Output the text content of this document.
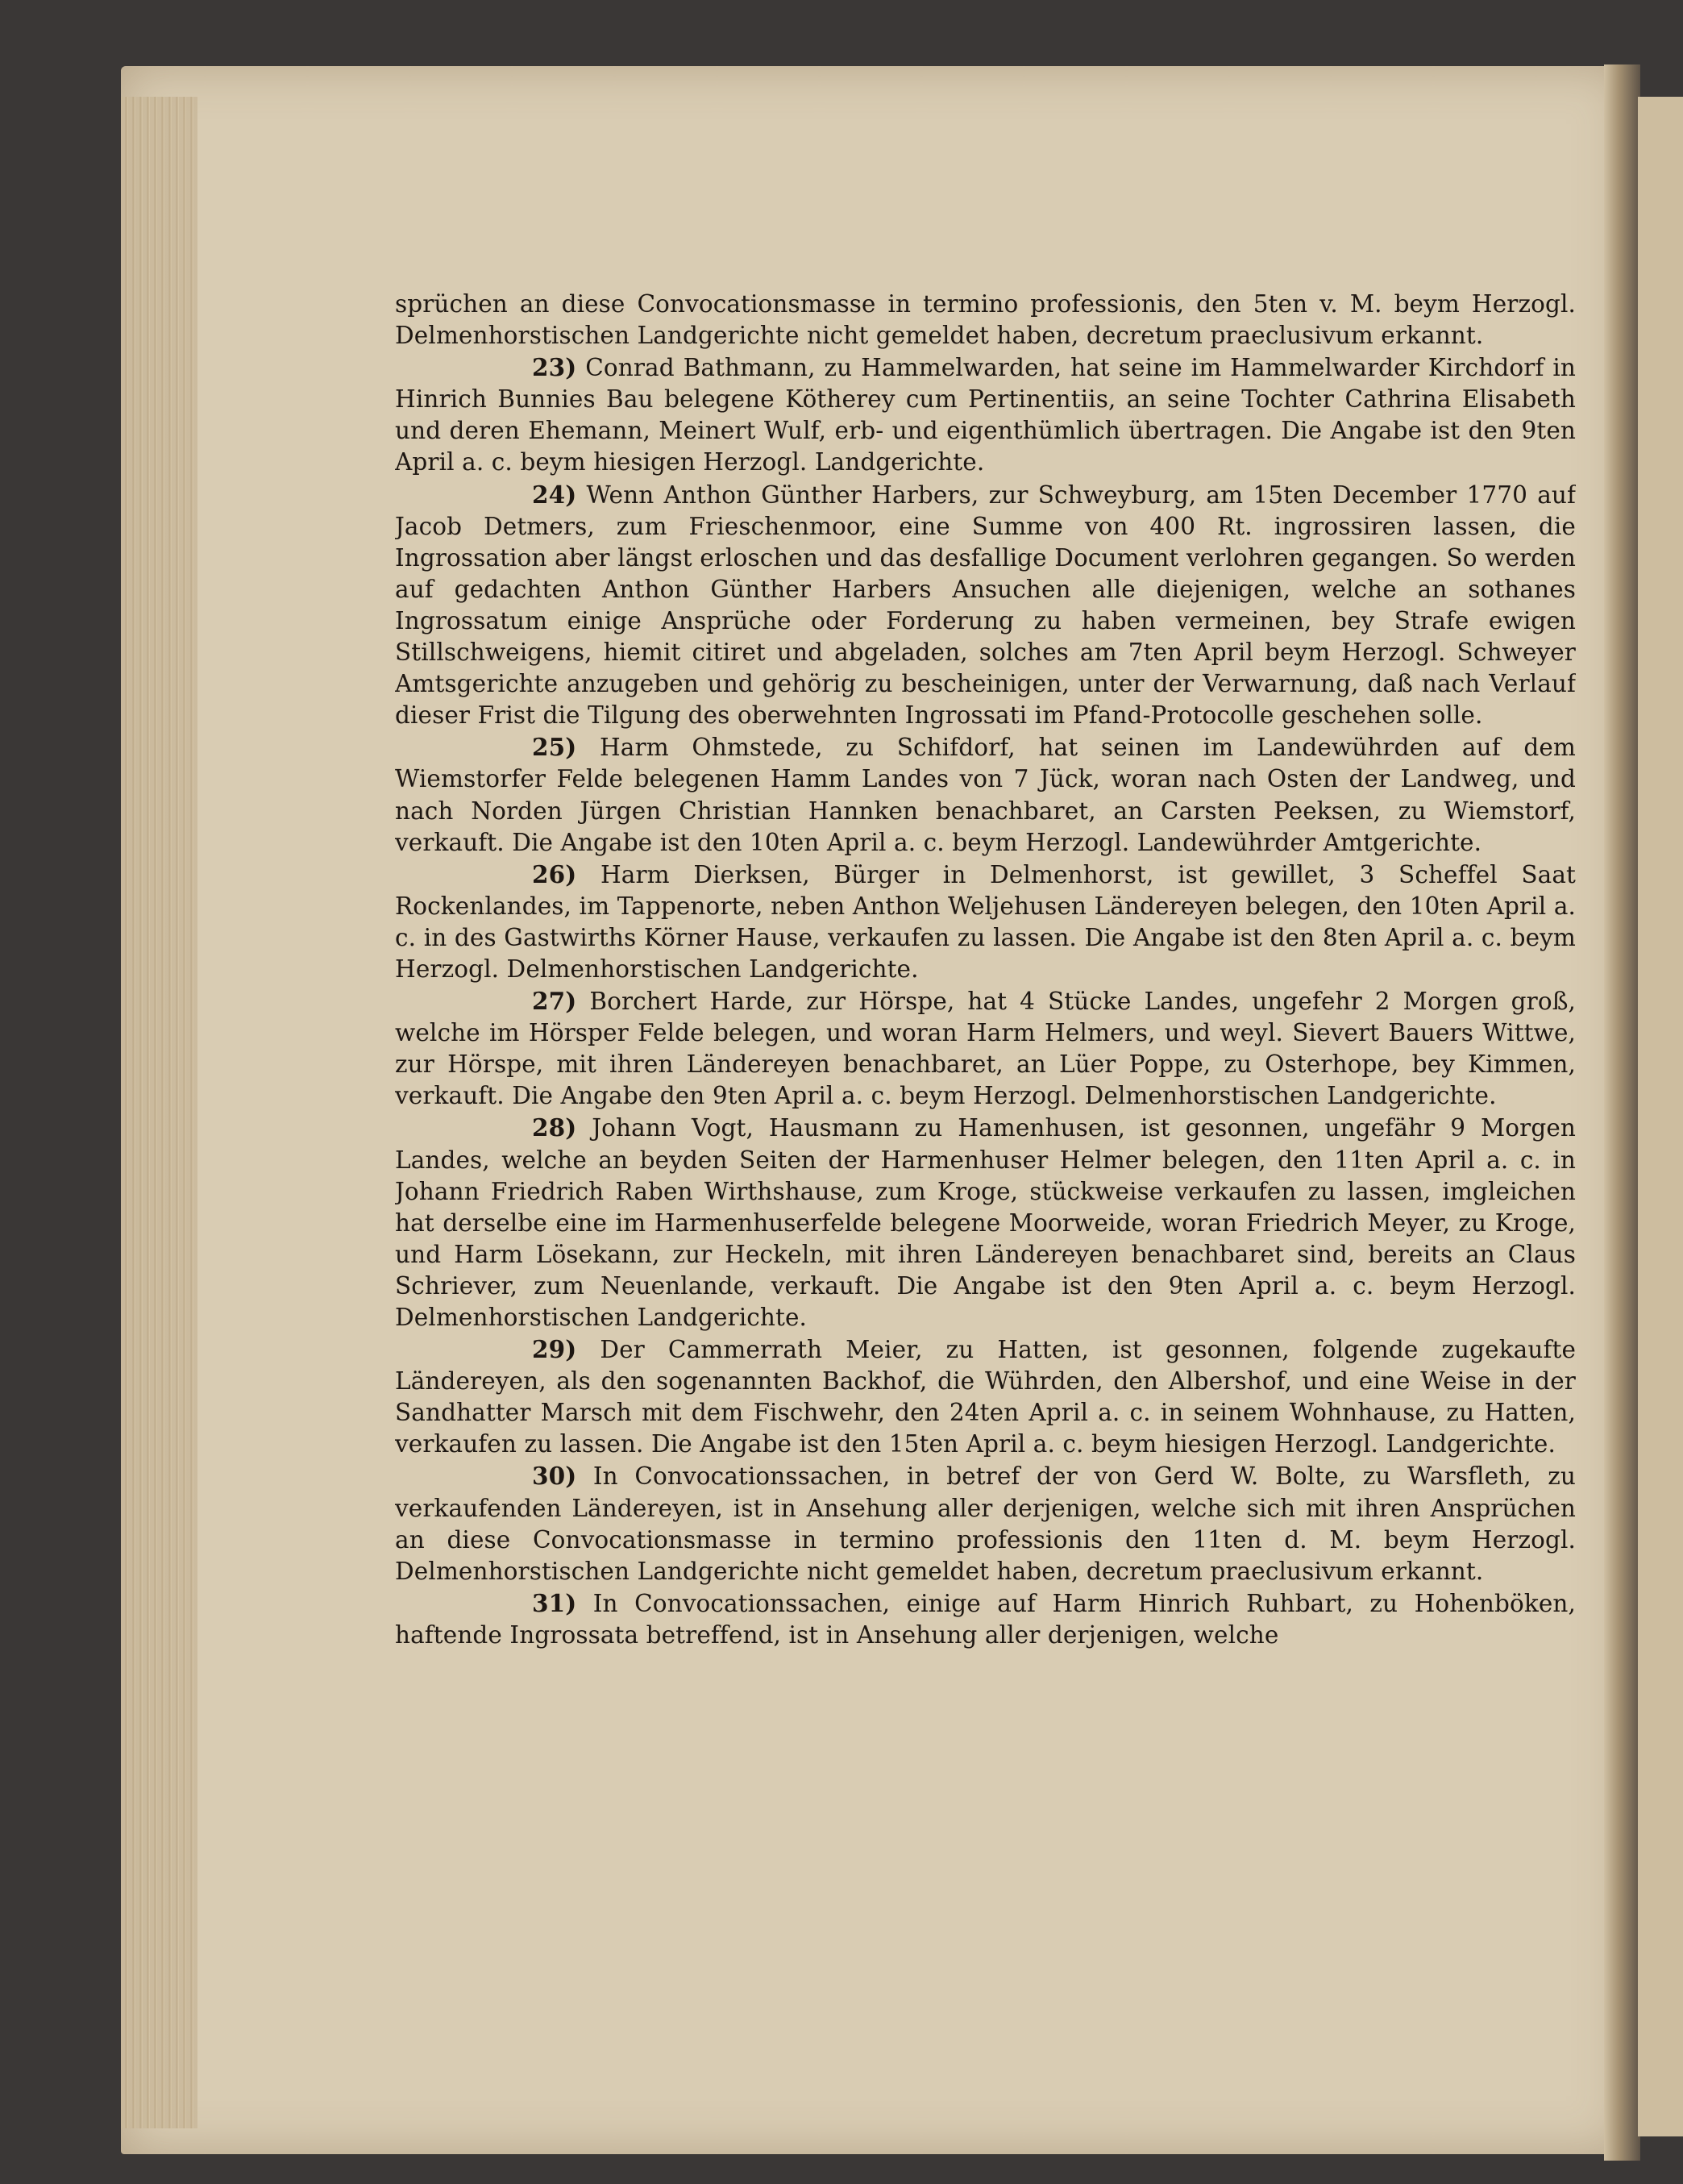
sprüchen an diese Convocationsmasse in termino professionis, den 5ten v. M. beym Herzogl. Delmenhorstischen Landgerichte nicht gemeldet haben, decretum praeclusivum erkannt.

23) Conrad Bathmann, zu Hammelwarden, hat seine im Hammelwarder Kirchdorf in Hinrich Bunnies Bau belegene Kötherey cum Pertinentiis, an seine Tochter Cathrina Elisabeth und deren Ehemann, Meinert Wulf, erb- und eigenthümlich übertragen. Die Angabe ist den 9ten April a. c. beym hiesigen Herzogl. Landgerichte.

24) Wenn Anthon Günther Harbers, zur Schweyburg, am 15ten December 1770 auf Jacob Detmers, zum Frieschenmoor, eine Summe von 400 Rt. ingrossiren lassen, die Ingrossation aber längst erloschen und das desfallige Document verlohren gegangen. So werden auf gedachten Anthon Günther Harbers Ansuchen alle diejenigen, welche an sothanes Ingrossatum einige Ansprüche oder Forderung zu haben vermeinen, bey Strafe ewigen Stillschweigens, hiemit citiret und abgeladen, solches am 7ten April beym Herzogl. Schweyer Amtsgerichte anzugeben und gehörig zu bescheinigen, unter der Verwarnung, daß nach Verlauf dieser Frist die Tilgung des oberwehnten Ingrossati im Pfand-Protocolle geschehen solle.

25) Harm Ohmstede, zu Schifdorf, hat seinen im Landewührden auf dem Wiemstorfer Felde belegenen Hamm Landes von 7 Jück, woran nach Osten der Landweg, und nach Norden Jürgen Christian Hannken benachbaret, an Carsten Peeksen, zu Wiemstorf, verkauft. Die Angabe ist den 10ten April a. c. beym Herzogl. Landewührder Amtgerichte.

26) Harm Dierksen, Bürger in Delmenhorst, ist gewillet, 3 Scheffel Saat Rockenlandes, im Tappenorte, neben Anthon Weljehusen Ländereyen belegen, den 10ten April a. c. in des Gastwirths Körner Hause, verkaufen zu lassen. Die Angabe ist den 8ten April a. c. beym Herzogl. Delmenhorstischen Landgerichte.

27) Borchert Harde, zur Hörspe, hat 4 Stücke Landes, ungefehr 2 Morgen groß, welche im Hörsper Felde belegen, und woran Harm Helmers, und weyl. Sievert Bauers Wittwe, zur Hörspe, mit ihren Ländereyen benachbaret, an Lüer Poppe, zu Osterhope, bey Kimmen, verkauft. Die Angabe den 9ten April a. c. beym Herzogl. Delmenhorstischen Landgerichte.

28) Johann Vogt, Hausmann zu Hamenhusen, ist gesonnen, ungefähr 9 Morgen Landes, welche an beyden Seiten der Harmenhuser Helmer belegen, den 11ten April a. c. in Johann Friedrich Raben Wirthshause, zum Kroge, stückweise verkaufen zu lassen, imgleichen hat derselbe eine im Harmenhuserfelde belegene Moorweide, woran Friedrich Meyer, zu Kroge, und Harm Lösekann, zur Heckeln, mit ihren Ländereyen benachbaret sind, bereits an Claus Schriever, zum Neuenlande, verkauft. Die Angabe ist den 9ten April a. c. beym Herzogl. Delmenhorstischen Landgerichte.

29) Der Cammerrath Meier, zu Hatten, ist gesonnen, folgende zugekaufte Ländereyen, als den sogenannten Backhof, die Wührden, den Albershof, und eine Weise in der Sandhatter Marsch mit dem Fischwehr, den 24ten April a. c. in seinem Wohnhause, zu Hatten, verkaufen zu lassen. Die Angabe ist den 15ten April a. c. beym hiesigen Herzogl. Landgerichte.

30) In Convocationssachen, in betref der von Gerd W. Bolte, zu Warsfleth, zu verkaufenden Ländereyen, ist in Ansehung aller derjenigen, welche sich mit ihren Ansprüchen an diese Convocationsmasse in termino professionis den 11ten d. M. beym Herzogl. Delmenhorstischen Landgerichte nicht gemeldet haben, decretum praeclusivum erkannt.

31) In Convocationssachen, einige auf Harm Hinrich Ruhbart, zu Hohenböken, haftende Ingrossata betreffend, ist in Ansehung aller derjenigen, welche
